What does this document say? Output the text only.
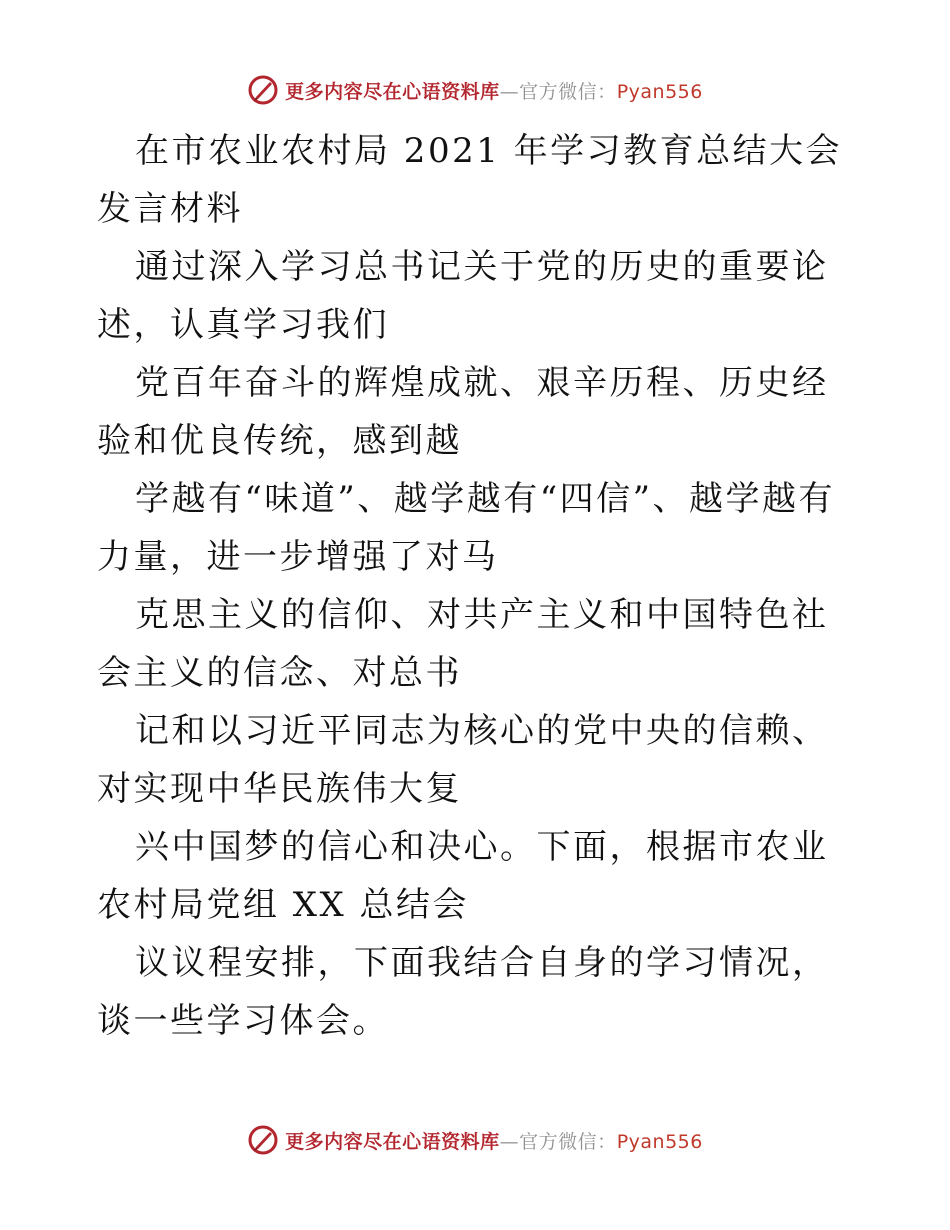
更多内容尽在心语资料库—官方微信：Pyan556

在市农业农村局 2021 年学习教育总结大会发言材料

通过深入学习总书记关于党的历史的重要论述，认真学习我们

党百年奋斗的辉煌成就、艰辛历程、历史经验和优良传统，感到越

学越有“味道”、越学越有“四信”、越学越有力量，进一步增强了对马

克思主义的信仰、对共产主义和中国特色社会主义的信念、对总书

记和以习近平同志为核心的党中央的信赖、对实现中华民族伟大复

兴中国梦的信心和决心。下面，根据市农业农村局党组 XX 总结会

议议程安排，下面我结合自身的学习情况，谈一些学习体会。

更多内容尽在心语资料库—官方微信：Pyan556
